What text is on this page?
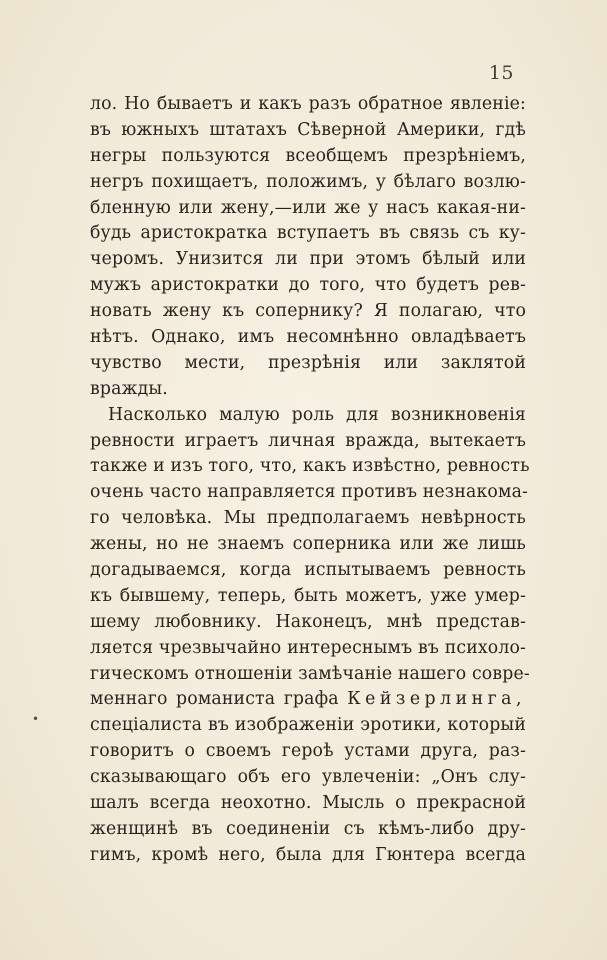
15
•
ло. Но бываетъ и какъ разъ обратное явленіе:
въ южныхъ штатахъ Сѣверной Америки, гдѣ
негры пользуются всеобщемъ презрѣніемъ,
негръ похищаетъ, положимъ, у бѣлаго возлю-
бленную или жену,—или же у насъ какая-ни-
будь аристократка вступаетъ въ связь съ ку-
черомъ. Унизится ли при этомъ бѣлый или
мужъ аристократки до того, что будетъ рев-
новать жену къ сопернику? Я полагаю, что
нѣтъ. Однако, имъ несомнѣнно овладѣваетъ
чувство мести, презрѣнія или заклятой
вражды.
Насколько малую роль для возникновенія
ревности играетъ личная вражда, вытекаетъ
также и изъ того, что, какъ извѣстно, ревность
очень часто направляется противъ незнакома-
го человѣка. Мы предполагаемъ невѣрность
жены, но не знаемъ соперника или же лишь
догадываемся, когда испытываемъ ревность
къ бывшему, теперь, быть можетъ, уже умер-
шему любовнику. Наконецъ, мнѣ представ-
ляется чрезвычайно интереснымъ въ психоло-
гическомъ отношеніи замѣчаніе нашего совре-
меннаго романиста графа Кейзерлинга,
спеціалиста въ изображеніи эротики, который
говоритъ о своемъ героѣ устами друга, раз-
сказывающаго объ его увлеченіи: „Онъ слу-
шалъ всегда неохотно. Мысль о прекрасной
женщинѣ въ соединеніи съ кѣмъ-либо дру-
гимъ, кромѣ него, была для Гюнтера всегда
